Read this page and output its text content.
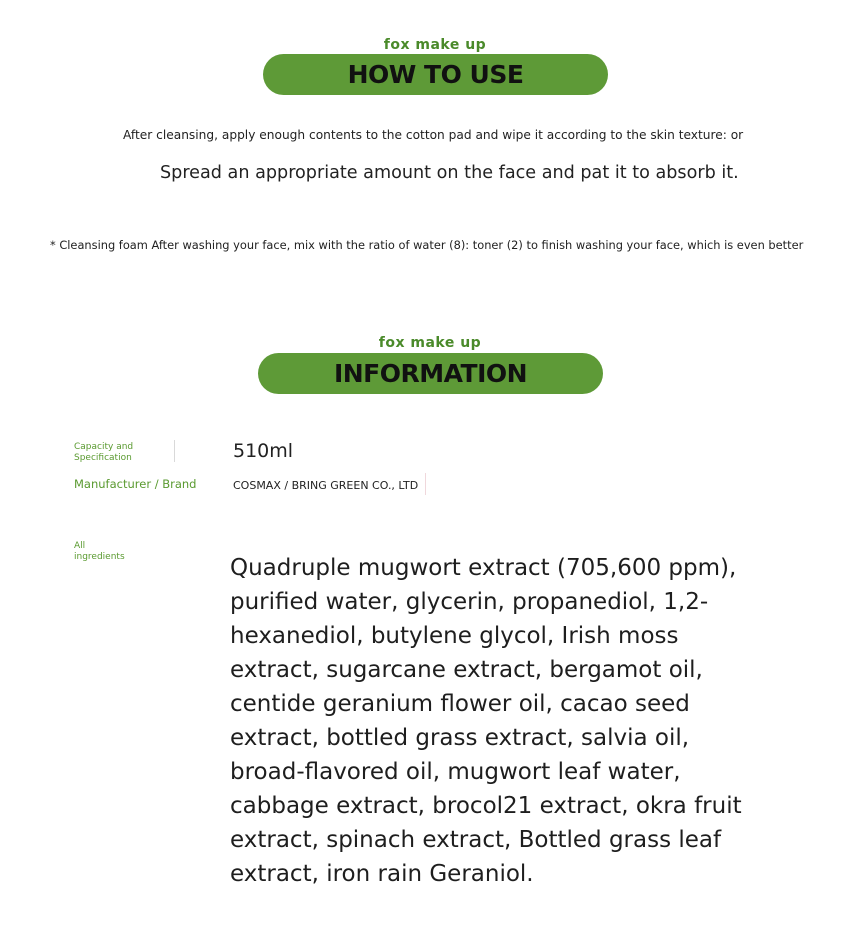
fox make up
HOW TO USE
After cleansing, apply enough contents to the cotton pad and wipe it according to the skin texture: or
Spread an appropriate amount on the face and pat it to absorb it.
* Cleansing foam After washing your face, mix with the ratio of water (8): toner (2) to finish washing your face, which is even better
fox make up
INFORMATION
Capacity and Specification	510ml
Manufacturer / Brand	COSMAX / BRING GREEN CO., LTD
All ingredients	Quadruple mugwort extract (705,600 ppm), purified water, glycerin, propanediol, 1,2-hexanediol, butylene glycol, Irish moss extract, sugarcane extract, bergamot oil, centide geranium flower oil, cacao seed extract, bottled grass extract, salvia oil, broad-flavored oil, mugwort leaf water, cabbage extract, brocol21 extract, okra fruit extract, spinach extract, Bottled grass leaf extract, iron rain Geraniol.
